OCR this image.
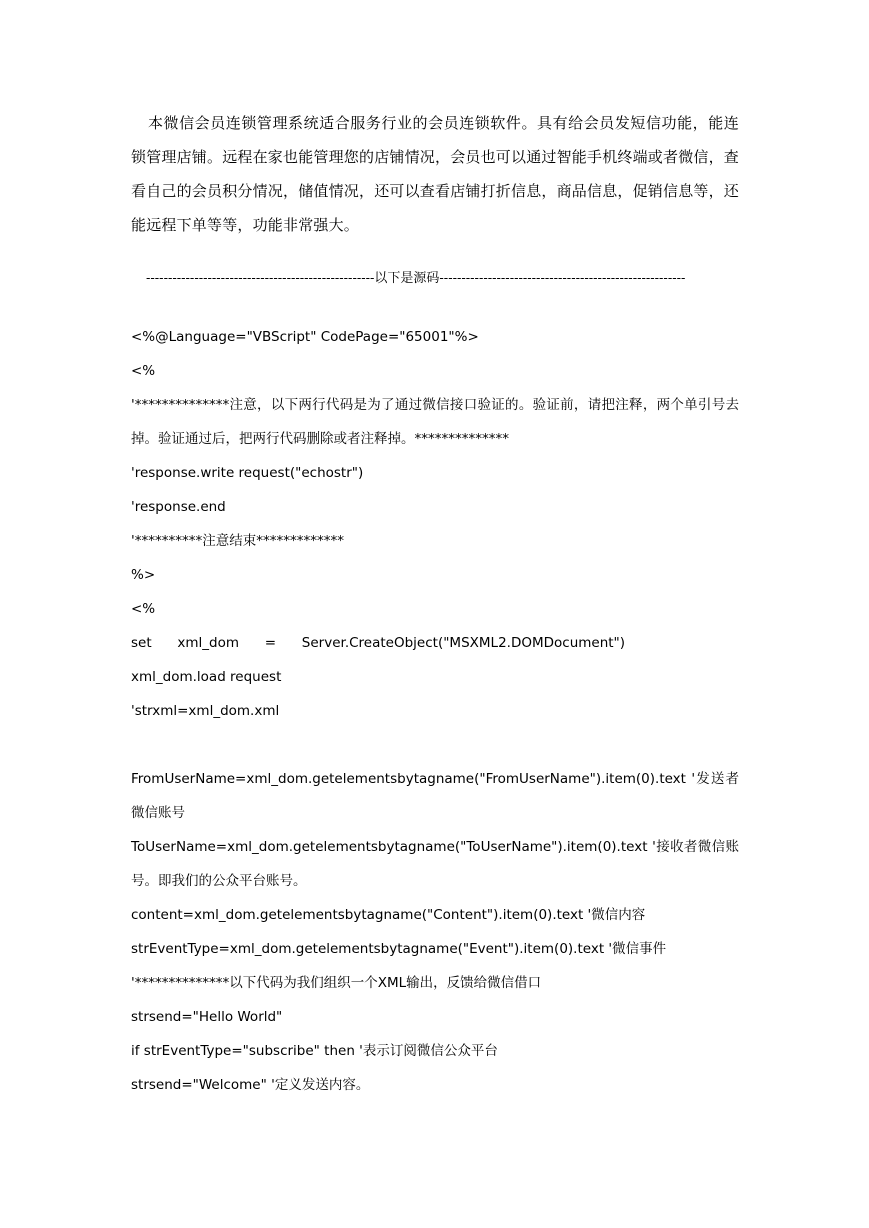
本微信会员连锁管理系统适合服务行业的会员连锁软件。具有给会员发短信功能，能连锁管理店铺。远程在家也能管理您的店铺情况，会员也可以通过智能手机终端或者微信，查看自己的会员积分情况，储值情况，还可以查看店铺打折信息，商品信息，促销信息等，还能远程下单等等，功能非常强大。

----------------------------------------------------以下是源码--------------------------------------------------------

<%@Language="VBScript" CodePage="65001"%>
<%
'**************注意，以下两行代码是为了通过微信接口验证的。验证前，请把注释，两个单引号去掉。验证通过后，把两行代码删除或者注释掉。**************
'response.write request("echostr")
'response.end
'**********注意结束*************
%>
<%
set      xml_dom      =      Server.CreateObject("MSXML2.DOMDocument")
xml_dom.load request
'strxml=xml_dom.xml
FromUserName=xml_dom.getelementsbytagname("FromUserName").item(0).text '发送者微信账号
ToUserName=xml_dom.getelementsbytagname("ToUserName").item(0).text '接收者微信账号。即我们的公众平台账号。
content=xml_dom.getelementsbytagname("Content").item(0).text '微信内容
strEventType=xml_dom.getelementsbytagname("Event").item(0).text '微信事件
'**************以下代码为我们组织一个XML输出，反馈给微信借口
strsend="Hello World"
if strEventType="subscribe" then '表示订阅微信公众平台
strsend="Welcome" '定义发送内容。
